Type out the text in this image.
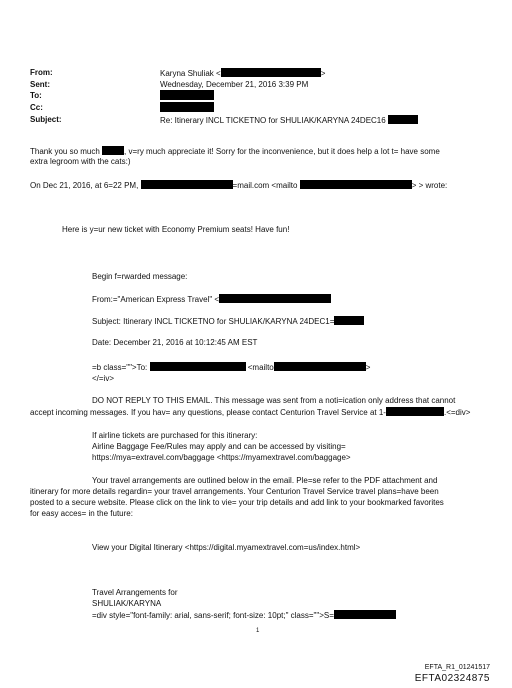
From:	Karyna Shuliak <	>
Sent:	Wednesday, December 21, 2016 3:39 PM
To:
Cc:
Subject:	Re: Itinerary INCL TICKETNO for SHULIAK/KARYNA 24DEC16
Thank you so much	, v=ry much appreciate it! Sorry for the inconvenience, but it does help a lot t= have some
extra legroom with the cats:)
On Dec 21, 2016, at 6=22 PM,	=mail.com <mailto	> > wrote:
Here is y=ur new ticket with Economy Premium seats! Have fun!
Begin f=rwarded message:
From:="American Express Travel" <
Subject: Itinerary INCL TICKETNO for SHULIAK/KARYNA 24DEC1=
Date: December 21, 2016 at 10:12:45 AM EST
=b class="">To:	<mailto	>
</=iv>
DO NOT REPLY TO THIS EMAIL. This message was sent from a noti=ication only address that cannot
accept incoming messages. If you hav= any questions, please contact Centurion Travel Service at 1-	.<=div>
If airline tickets are purchased for this itinerary:
Airline Baggage Fee/Rules may apply and can be accessed by visiting=
https://mya=extravel.com/baggage <https://myamextravel.com/baggage>
Your travel arrangements are outlined below in the email. Ple=se refer to the PDF attachment and
itinerary for more details regardin= your travel arrangements. Your Centurion Travel Service travel plans=have been
posted to a secure website. Please click on the link to vie= your trip details and add link to your bookmarked favorites
for easy acces= in the future:
View your Digital Itinerary <https://digital.myamextravel.com=us/index.html>
Travel Arrangements for
SHULIAK/KARYNA
=div style="font-family: arial, sans-serif; font-size: 10pt;" class="">S=
1
EFTA_R1_01241517
EFTA02324875
